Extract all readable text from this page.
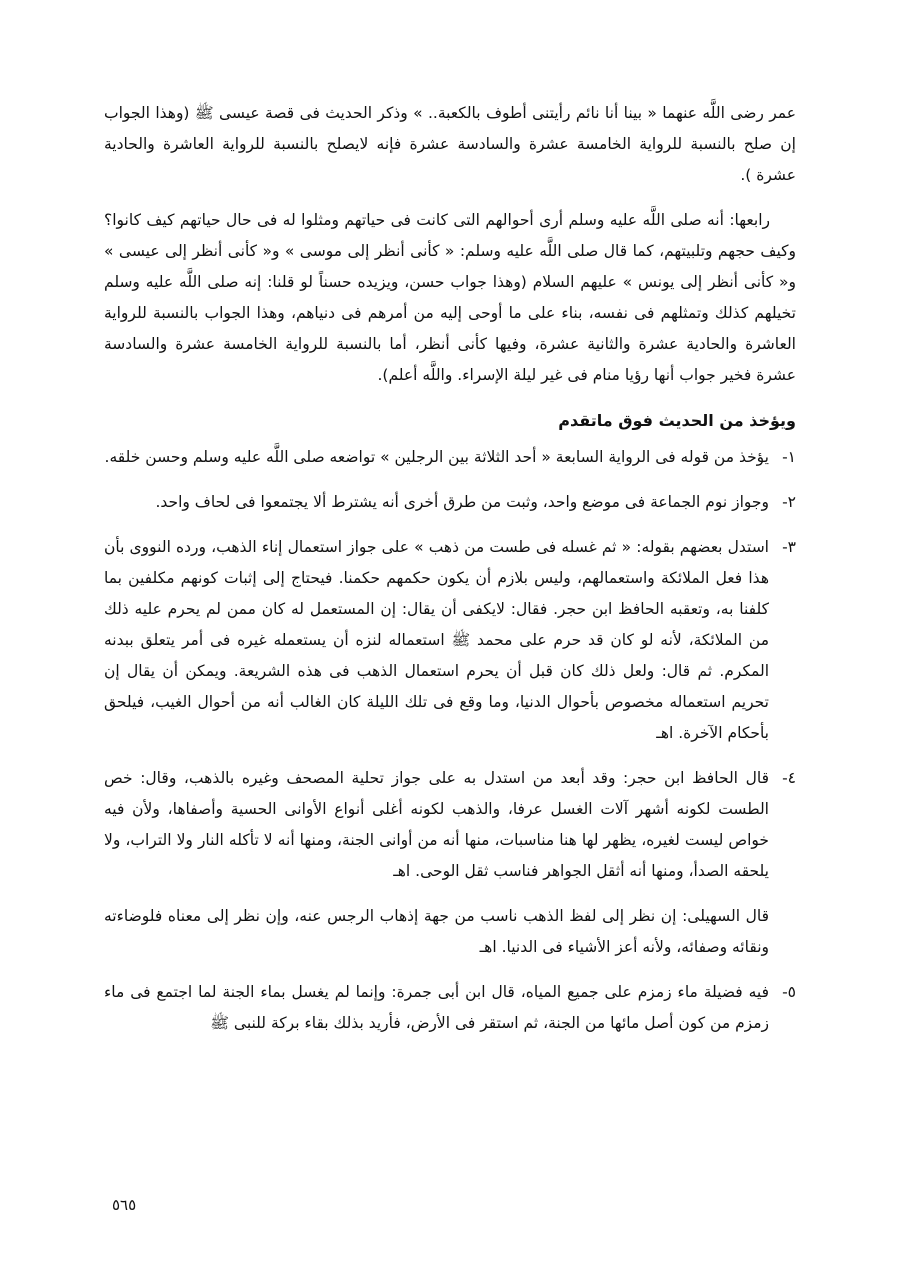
عمر رضى اللَّه عنهما « بينا أنا نائم رأيتنى أطوف بالكعبة.. » وذكر الحديث فى قصة عيسى ﷺ (وهذا الجواب إن صلح بالنسبة للرواية الخامسة عشرة والسادسة عشرة فإنه لايصلح بالنسبة للرواية العاشرة والحادية عشرة ).

رابعها: أنه صلى اللَّه عليه وسلم أرى أحوالهم التى كانت فى حياتهم ومثلوا له فى حال حياتهم كيف كانوا؟ وكيف حجهم وتلبيتهم، كما قال صلى اللَّه عليه وسلم: « كأنى أنظر إلى موسى » و« كأنى أنظر إلى عيسى » و« كأنى أنظر إلى يونس » عليهم السلام (وهذا جواب حسن، ويزيده حسناً لو قلنا: إنه صلى اللَّه عليه وسلم تخيلهم كذلك وتمثلهم فى نفسه، بناء على ما أوحى إليه من أمرهم فى دنياهم، وهذا الجواب بالنسبة للرواية العاشرة والحادية عشرة والثانية عشرة، وفيها كأنى أنظر، أما بالنسبة للرواية الخامسة عشرة والسادسة عشرة فخير جواب أنها رؤيا منام فى غير ليلة الإسراء. واللَّه أعلم).

ويؤخذ من الحديث فوق ماتقدم
١-
يؤخذ من قوله فى الرواية السابعة « أحد الثلاثة بين الرجلين » تواضعه صلى اللَّه عليه وسلم وحسن خلقه.
٢-
وجواز نوم الجماعة فى موضع واحد، وثبت من طرق أخرى أنه يشترط ألا يجتمعوا فى لحاف واحد.
٣-
استدل بعضهم بقوله: « ثم غسله فى طست من ذهب » على جواز استعمال إناء الذهب، ورده النووى بأن هذا فعل الملائكة واستعمالهم، وليس بلازم أن يكون حكمهم حكمنا. فيحتاج إلى إثبات كونهم مكلفين بما كلفنا به، وتعقبه الحافظ ابن حجر. فقال: لايكفى أن يقال: إن المستعمل له كان ممن لم يحرم عليه ذلك من الملائكة، لأنه لو كان قد حرم على محمد ﷺ استعماله لنزه أن يستعمله غيره فى أمر يتعلق ببدنه المكرم. ثم قال: ولعل ذلك كان قبل أن يحرم استعمال الذهب فى هذه الشريعة. ويمكن أن يقال إن تحريم استعماله مخصوص بأحوال الدنيا، وما وقع فى تلك الليلة كان الغالب أنه من أحوال الغيب، فيلحق بأحكام الآخرة. اهـ
٤-
قال الحافظ ابن حجر: وقد أبعد من استدل به على جواز تحلية المصحف وغيره بالذهب، وقال: خص الطست لكونه أشهر آلات الغسل عرفا، والذهب لكونه أغلى أنواع الأوانى الحسية وأصفاها، ولأن فيه خواص ليست لغيره، يظهر لها هنا مناسبات، منها أنه من أوانى الجنة، ومنها أنه لا تأكله النار ولا التراب، ولا يلحقه الصدأ، ومنها أنه أثقل الجواهر فناسب ثقل الوحى. اهـ

قال السهيلى: إن نظر إلى لفظ الذهب ناسب من جهة إذهاب الرجس عنه، وإن نظر إلى معناه فلوضاءته ونقائه وصفائه، ولأنه أعز الأشياء فى الدنيا. اهـ

٥-
فيه فضيلة ماء زمزم على جميع المياه، قال ابن أبى جمرة: وإنما لم يغسل بماء الجنة لما اجتمع فى ماء زمزم من كون أصل مائها من الجنة، ثم استقر فى الأرض، فأريد بذلك بقاء بركة للنبى ﷺ
٥٦٥
